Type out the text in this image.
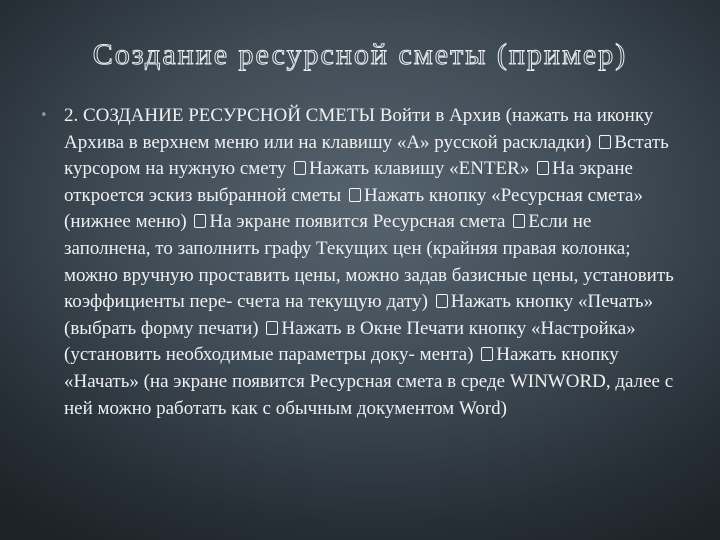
Создание ресурсной сметы (пример)
• 2. СОЗДАНИЕ РЕСУРСНОЙ СМЕТЫ Войти в Архив (нажать на иконку Архива в верхнем меню или на клавишу «А» русской раскладки) Встать курсором на нужную смету Нажать клавишу «ENTER» На экране откроется эскиз выбранной сметы Нажать кнопку «Ресурсная смета» (нижнее меню) На экране появится Ресурсная смета Если не заполнена, то заполнить графу Текущих цен (крайняя правая колонка; можно вручную проставить цены, можно задав базисные цены, установить коэффициенты пере- счета на текущую дату) Нажать кнопку «Печать» (выбрать форму печати) Нажать в Окне Печати кнопку «Настройка» (установить необходимые параметры доку- мента) Нажать кнопку «Начать» (на экране появится Ресурсная смета в среде WINWORD, далее с ней можно работать как с обычным документом Word)
